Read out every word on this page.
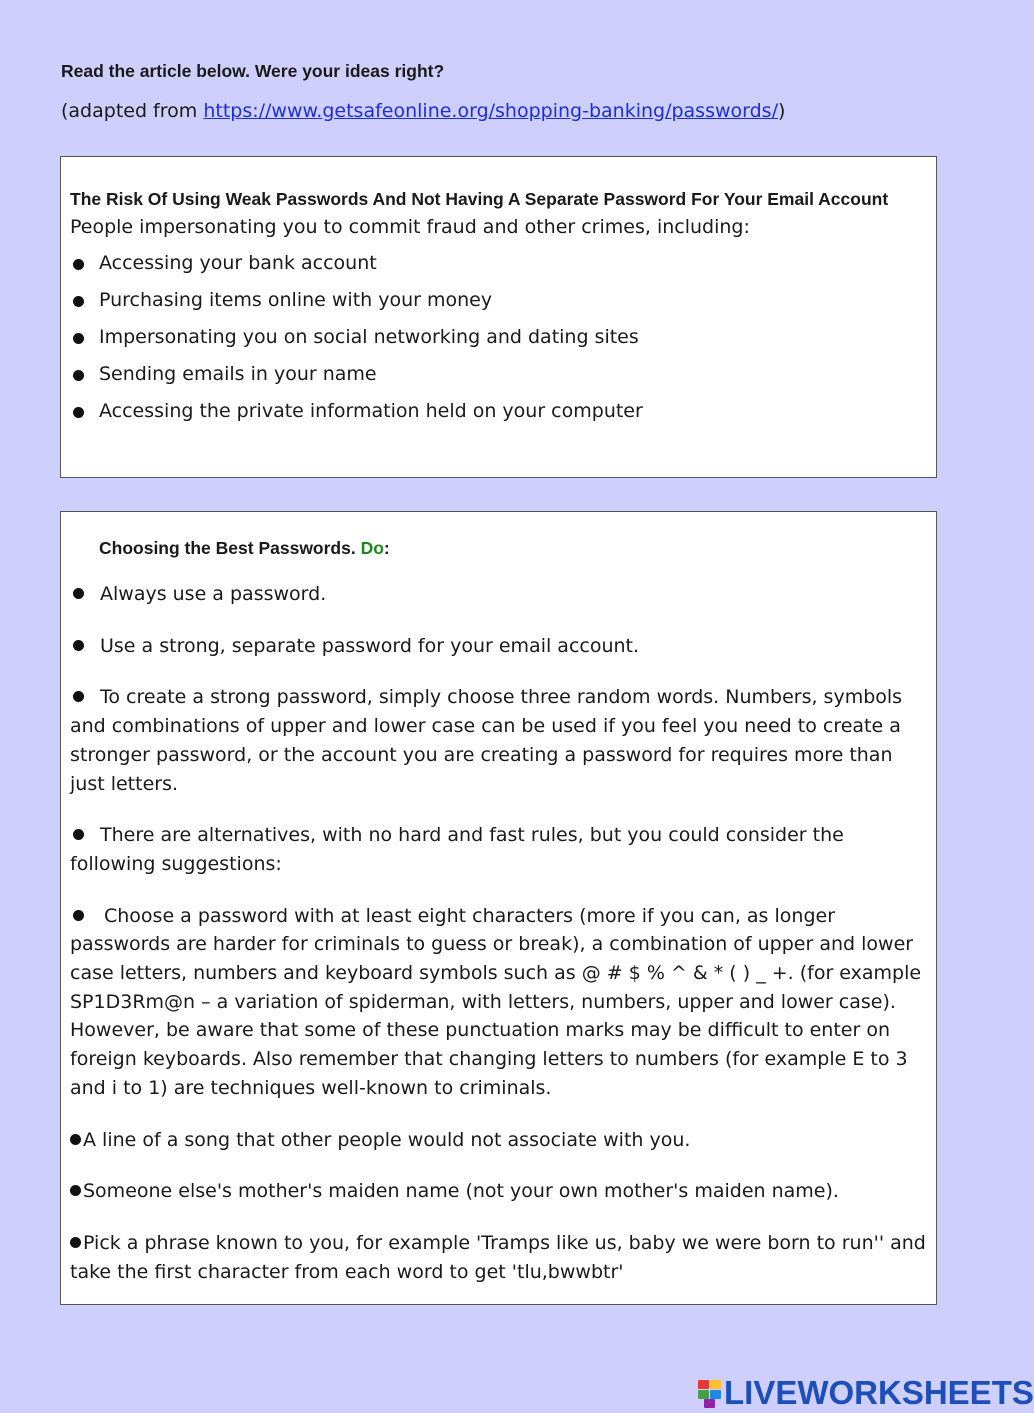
Read the article below. Were your ideas right?
(adapted from https://www.getsafeonline.org/shopping-banking/passwords/)
The Risk Of Using Weak Passwords And Not Having A Separate Password For Your Email Account
People impersonating you to commit fraud and other crimes, including:
Accessing your bank account
Purchasing items online with your money
Impersonating you on social networking and dating sites
Sending emails in your name
Accessing the private information held on your computer
Choosing the Best Passwords. Do:

Always use a password.

Use a strong, separate password for your email account.

To create a strong password, simply choose three random words. Numbers, symbols and combinations of upper and lower case can be used if you feel you need to create a stronger password, or the account you are creating a password for requires more than just letters.

There are alternatives, with no hard and fast rules, but you could consider the following suggestions:

Choose a password with at least eight characters (more if you can, as longer passwords are harder for criminals to guess or break), a combination of upper and lower case letters, numbers and keyboard symbols such as @ # $ % ^ & * ( ) _ +. (for example SP1D3Rm@n – a variation of spiderman, with letters, numbers, upper and lower case). However, be aware that some of these punctuation marks may be difficult to enter on foreign keyboards. Also remember that changing letters to numbers (for example E to 3 and i to 1) are techniques well-known to criminals.

A line of a song that other people would not associate with you.

Someone else's mother's maiden name (not your own mother's maiden name).

Pick a phrase known to you, for example 'Tramps like us, baby we were born to run'' and take the first character from each word to get 'tlu,bwwbtr'

LIVEWORKSHEETS
